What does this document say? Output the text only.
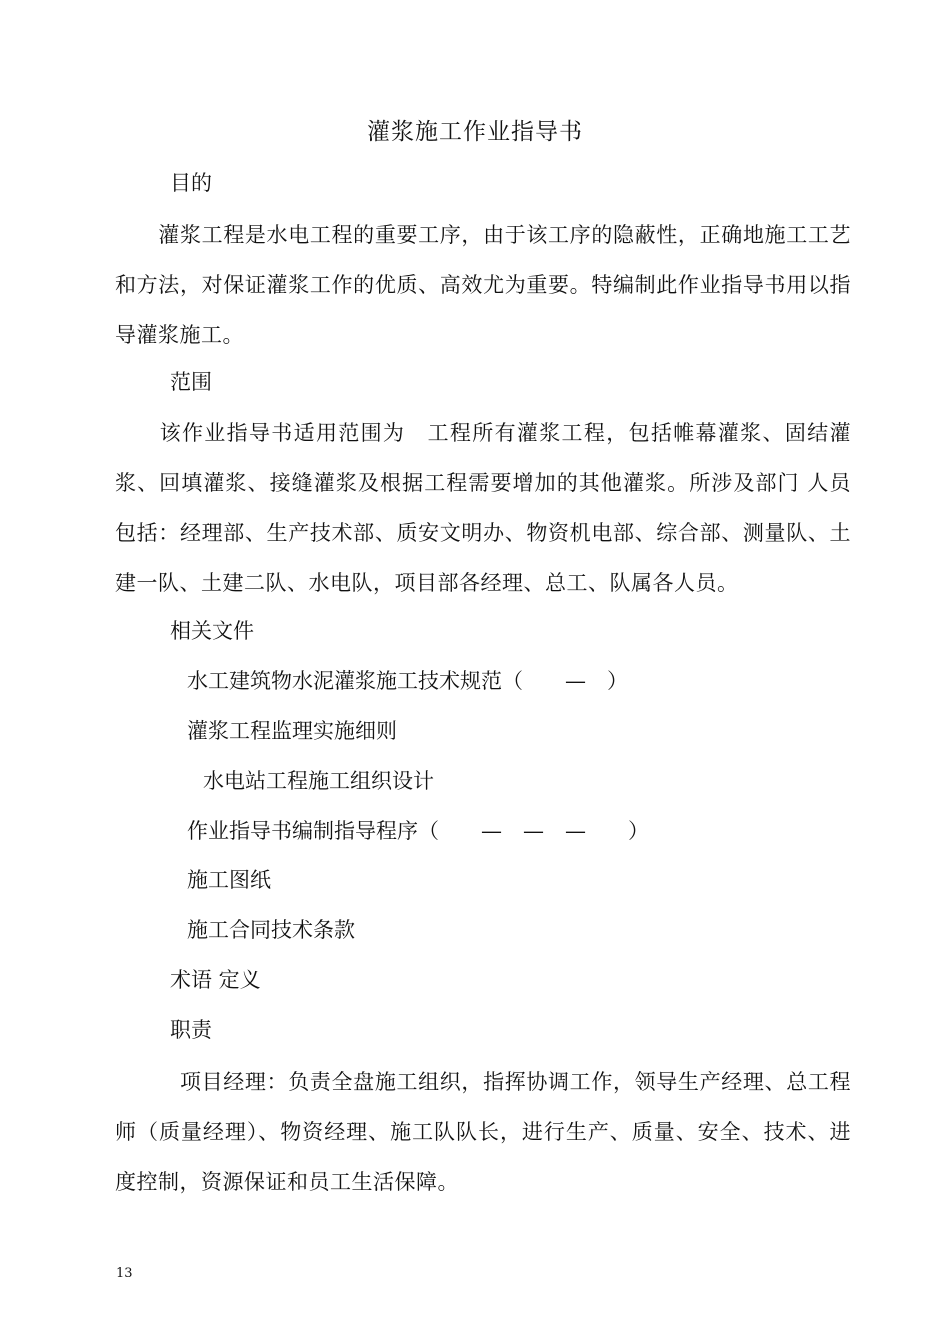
灌浆施工作业指导书

目的

　　灌浆工程是水电工程的重要工序，由于该工序的隐蔽性，正确地施工工艺和方法，对保证灌浆工作的优质、高效尤为重要。特编制此作业指导书用以指导灌浆施工。

范围

　　该作业指导书适用范围为　工程所有灌浆工程，包括帷幕灌浆、固结灌浆、回填灌浆、接缝灌浆及根据工程需要增加的其他灌浆。所涉及部门 人员包括：经理部、生产技术部、质安文明办、物资机电部、综合部、测量队、土建一队、土建二队、水电队，项目部各经理、总工、队属各人员。

相关文件

水工建筑物水泥灌浆施工技术规范（　　—　）

灌浆工程监理实施细则

水电站工程施工组织设计

作业指导书编制指导程序（　　—　—　—　　）

施工图纸

施工合同技术条款

术语 定义

职责

　　　项目经理：负责全盘施工组织，指挥协调工作，领导生产经理、总工程师（质量经理）、物资经理、施工队队长，进行生产、质量、安全、技术、进度控制，资源保证和员工生活保障。

13
